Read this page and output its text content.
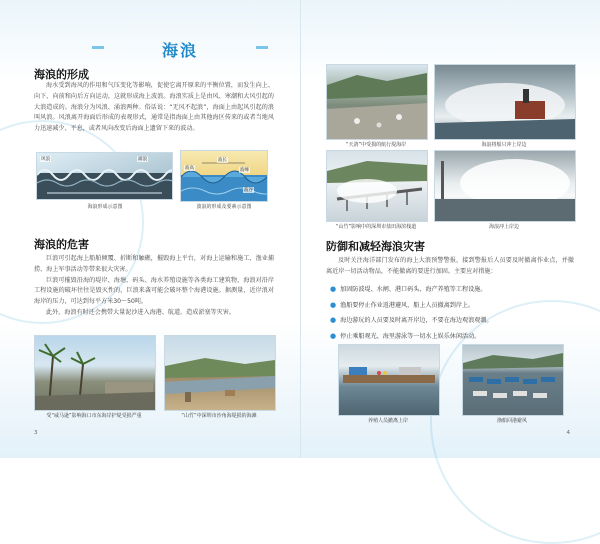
海浪
海浪的形成

海水受到海风的作用和气压变化等影响，促使它离开原来的平衡位置，而发生向上、向下、向前和向后方向运动，这就形成海上波浪。海浪实质上是由风、寒潮和大风引起的大浪造成的。海浪分为风浪、涌浪两种。俗话说：“无风不起浪”，海面上由起风引起的浪叫风浪。风浪离开海面后形成的表观形式，通常是指海面上由其他海区传来的或者当地风力迅速减少、平息，或者风向改变后海面上遗留下来的波动。

风浪	涌浪	波长
波高	波峰
波谷
海浪形成示意图	波浪的形成及要素示意图
海浪的危害

巨浪可引起海上船舶倾覆、折断和触礁，摧毁海上平台，对海上运输和施工、渔业捕捞、海上军事活动等带来很大灾害。

巨浪可摧毁沿海的堤岸、海塘、码头、海水养殖设施等各类海工建筑物，海浪对沿岸工程设施的破坏往往是毁灭性的，巨浪来袭可能会破坏整个海港设施。据测量，近岸浪对海岸的压力，可达到每平方米30～50吨。

此外，海浪有时还会携带大量泥沙进入海港、航道，造成淤塞等灾害。

受“威马逊”影响海口市东海岸护堤受损严重	“山竹”中深圳市沙角海堤损的海滩
3
“天鸽”中受损的航行堤海岸	海浪将船只冲上岸边
“山竹”影响中的深圳市盐田海滨栈道	海浪冲上岸边
防御和减轻海浪灾害

及时关注海洋部门发布的海上大浪预警警报，接到警报后人员要及时撤离作业点，并撤离近岸一切活动物品，不能撤离的要进行加固。主要应对措施：

● 加固防波堤、水闸、港口码头、海产养殖等工程设施。
● 渔船要停止作业返港避风，船上人员撤离到岸上。
● 海边游玩的人员要及时离开岸边，不要在海边观浪观潮。
● 停止乘船观光、海里游泳等一切水上娱乐休闲活动。
养殖人员撤离上岸	渔船回港避风
4
